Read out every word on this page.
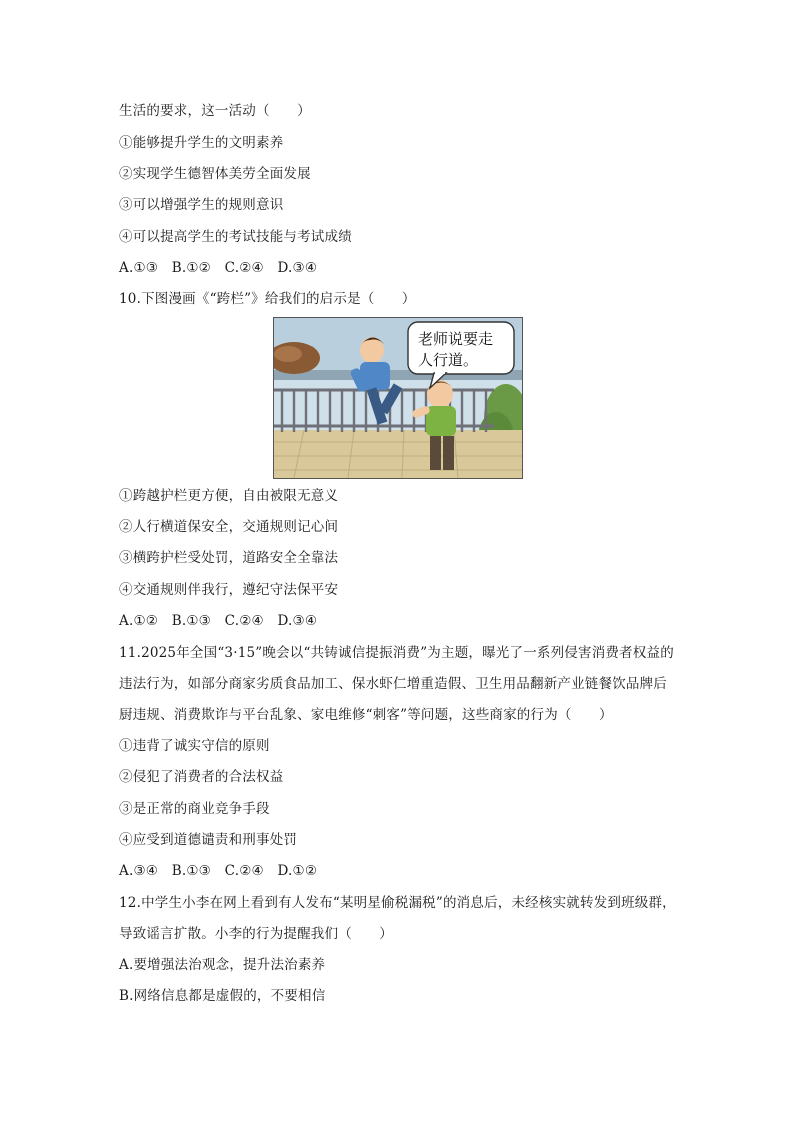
生活的要求，这一活动（　　）
①能够提升学生的文明素养
②实现学生德智体美劳全面发展
③可以增强学生的规则意识
④可以提高学生的考试技能与考试成绩
A.①③　B.①②　C.②④　D.③④
10.下图漫画《“跨栏”》给我们的启示是（　　）
老师说要走
人行道。
①跨越护栏更方便，自由被限无意义
②人行横道保安全，交通规则记心间
③横跨护栏受处罚，道路安全全靠法
④交通规则伴我行，遵纪守法保平安
A.①②　B.①③　C.②④　D.③④
11.2025年全国“3·15”晚会以“共铸诚信提振消费”为主题，曝光了一系列侵害消费者权益的
违法行为，如部分商家劣质食品加工、保水虾仁增重造假、卫生用品翻新产业链餐饮品牌后
厨违规、消费欺诈与平台乱象、家电维修“刺客”等问题，这些商家的行为（　　）
①违背了诚实守信的原则
②侵犯了消费者的合法权益
③是正常的商业竞争手段
④应受到道德谴责和刑事处罚
A.③④　B.①③　C.②④　D.①②
12.中学生小李在网上看到有人发布“某明星偷税漏税”的消息后，未经核实就转发到班级群，
导致谣言扩散。小李的行为提醒我们（　　）
A.要增强法治观念，提升法治素养
B.网络信息都是虚假的，不要相信
